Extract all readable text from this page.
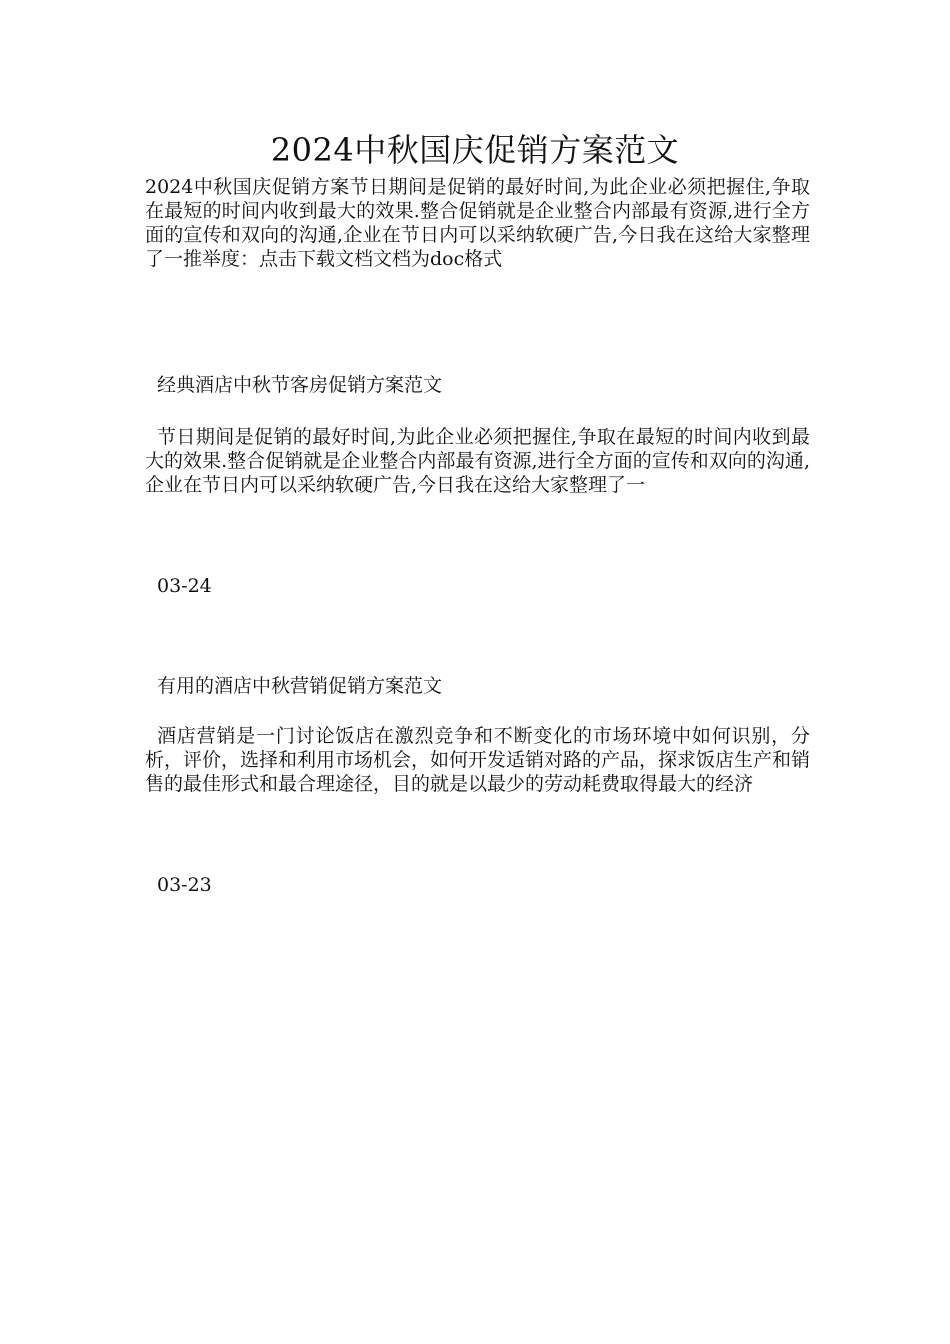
2024中秋国庆促销方案范文

2024中秋国庆促销方案节日期间是促销的最好时间,为此企业必须把握住,争取在最短的时间内收到最大的效果.整合促销就是企业整合内部最有资源,进行全方面的宣传和双向的沟通,企业在节日内可以采纳软硬广告,今日我在这给大家整理了一推举度：点击下载文档文档为doc格式

经典酒店中秋节客房促销方案范文

节日期间是促销的最好时间,为此企业必须把握住,争取在最短的时间内收到最大的效果.整合促销就是企业整合内部最有资源,进行全方面的宣传和双向的沟通,企业在节日内可以采纳软硬广告,今日我在这给大家整理了一

03-24

有用的酒店中秋营销促销方案范文

酒店营销是一门讨论饭店在激烈竞争和不断变化的市场环境中如何识别，分析，评价，选择和利用市场机会，如何开发适销对路的产品，探求饭店生产和销售的最佳形式和最合理途径，目的就是以最少的劳动耗费取得最大的经济

03-23
